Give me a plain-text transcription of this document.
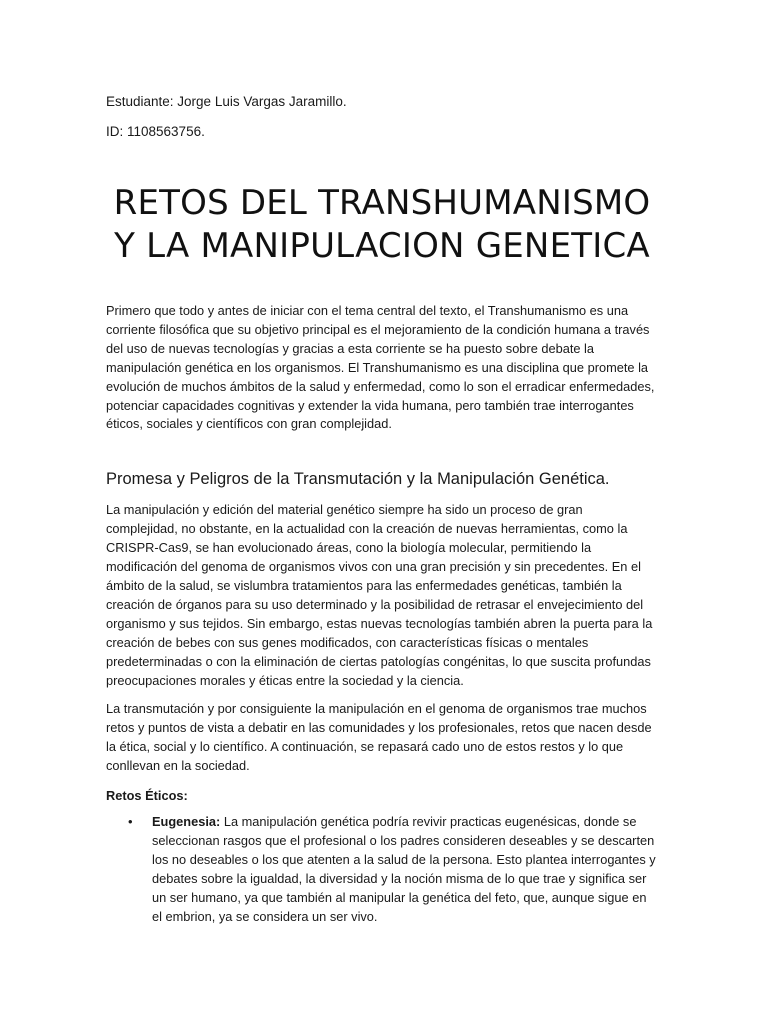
Estudiante: Jorge Luis Vargas Jaramillo.

ID: 1108563756.

RETOS DEL TRANSHUMANISMO
Y LA MANIPULACION GENETICA

Primero que todo y antes de iniciar con el tema central del texto, el Transhumanismo es una corriente filosófica que su objetivo principal es el mejoramiento de la condición humana a través del uso de nuevas tecnologías y gracias a esta corriente se ha puesto sobre debate la manipulación genética en los organismos. El Transhumanismo es una disciplina que promete la evolución de muchos ámbitos de la salud y enfermedad, como lo son el erradicar enfermedades, potenciar capacidades cognitivas y extender la vida humana, pero también trae interrogantes éticos, sociales y científicos con gran complejidad.

Promesa y Peligros de la Transmutación y la Manipulación Genética.

La manipulación y edición del material genético siempre ha sido un proceso de gran complejidad, no obstante, en la actualidad con la creación de nuevas herramientas, como la CRISPR-Cas9, se han evolucionado áreas, cono la biología molecular, permitiendo la modificación del genoma de organismos vivos con una gran precisión y sin precedentes. En el ámbito de la salud, se vislumbra tratamientos para las enfermedades genéticas, también la creación de órganos para su uso determinado y la posibilidad de retrasar el envejecimiento del organismo y sus tejidos. Sin embargo, estas nuevas tecnologías también abren la puerta para la creación de bebes con sus genes modificados, con características físicas o mentales predeterminadas o con la eliminación de ciertas patologías congénitas, lo que suscita profundas preocupaciones morales y éticas entre la sociedad y la ciencia.

La transmutación y por consiguiente la manipulación en el genoma de organismos trae muchos retos y puntos de vista a debatir en las comunidades y los profesionales, retos que nacen desde la ética, social y lo científico. A continuación, se repasará cado uno de estos restos y lo que conllevan en la sociedad.

Retos Éticos:

• Eugenesia: La manipulación genética podría revivir practicas eugenésicas, donde se seleccionan rasgos que el profesional o los padres consideren deseables y se descarten los no deseables o los que atenten a la salud de la persona. Esto plantea interrogantes y debates sobre la igualdad, la diversidad y la noción misma de lo que trae y significa ser un ser humano, ya que también al manipular la genética del feto, que, aunque sigue en el embrion, ya se considera un ser vivo.
